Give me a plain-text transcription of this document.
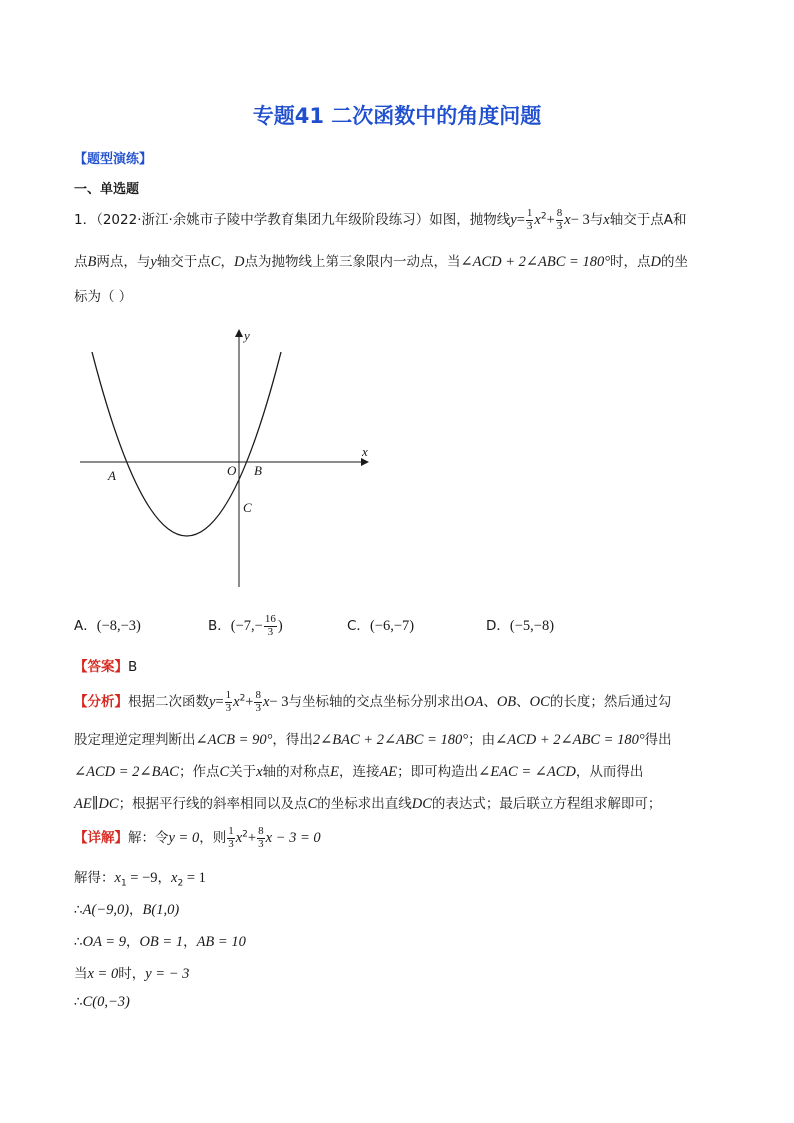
专题41 二次函数中的角度问题
【题型演练】
一、单选题
1．（2022·浙江·余姚市子陵中学教育集团九年级阶段练习）如图，抛物线$y= \frac{1}{3} x^2+ \frac{8}{3} x- 3$与x轴交于点A和
点B两点，与y轴交于点C，D点为抛物线上第三象限内一动点，当∠ACD + 2∠ABC = 180°时，点D的坐
标为（ ）
y
x
O
A	B
C
A．(−8,−3)	B．($-7,- \frac{16}{3}$ )	C．(−6,−7)	D．(−5,−8)
【答案】B
【分析】根据二次函数$y= \frac{1}{3} x^2+ \frac{8}{3} x- 3$与坐标轴的交点坐标分别求出OA、OB、OC的长度；然后通过勾
股定理逆定理判断出∠ACB = 90°，得出2∠BAC + 2∠ABC = 180°；由∠ACD + 2∠ABC = 180°得出
∠ACD = 2∠BAC；作点C关于x轴的对称点E，连接AE；即可构造出∠EAC = ∠ACD，从而得出
AE∥DC；根据平行线的斜率相同以及点C的坐标求出直线DC的表达式；最后联立方程组求解即可；
【详解】解：令y = 0，则 $\frac{1}{3} x^2+ \frac{8}{3}$ x − 3 = 0
解得：$x_1 = -9$，$x_2 = 1$
∴A(−9,0)，B(1,0)
∴OA = 9，OB = 1，AB = 10
当x = 0时，y = − 3
∴C(0,−3)
